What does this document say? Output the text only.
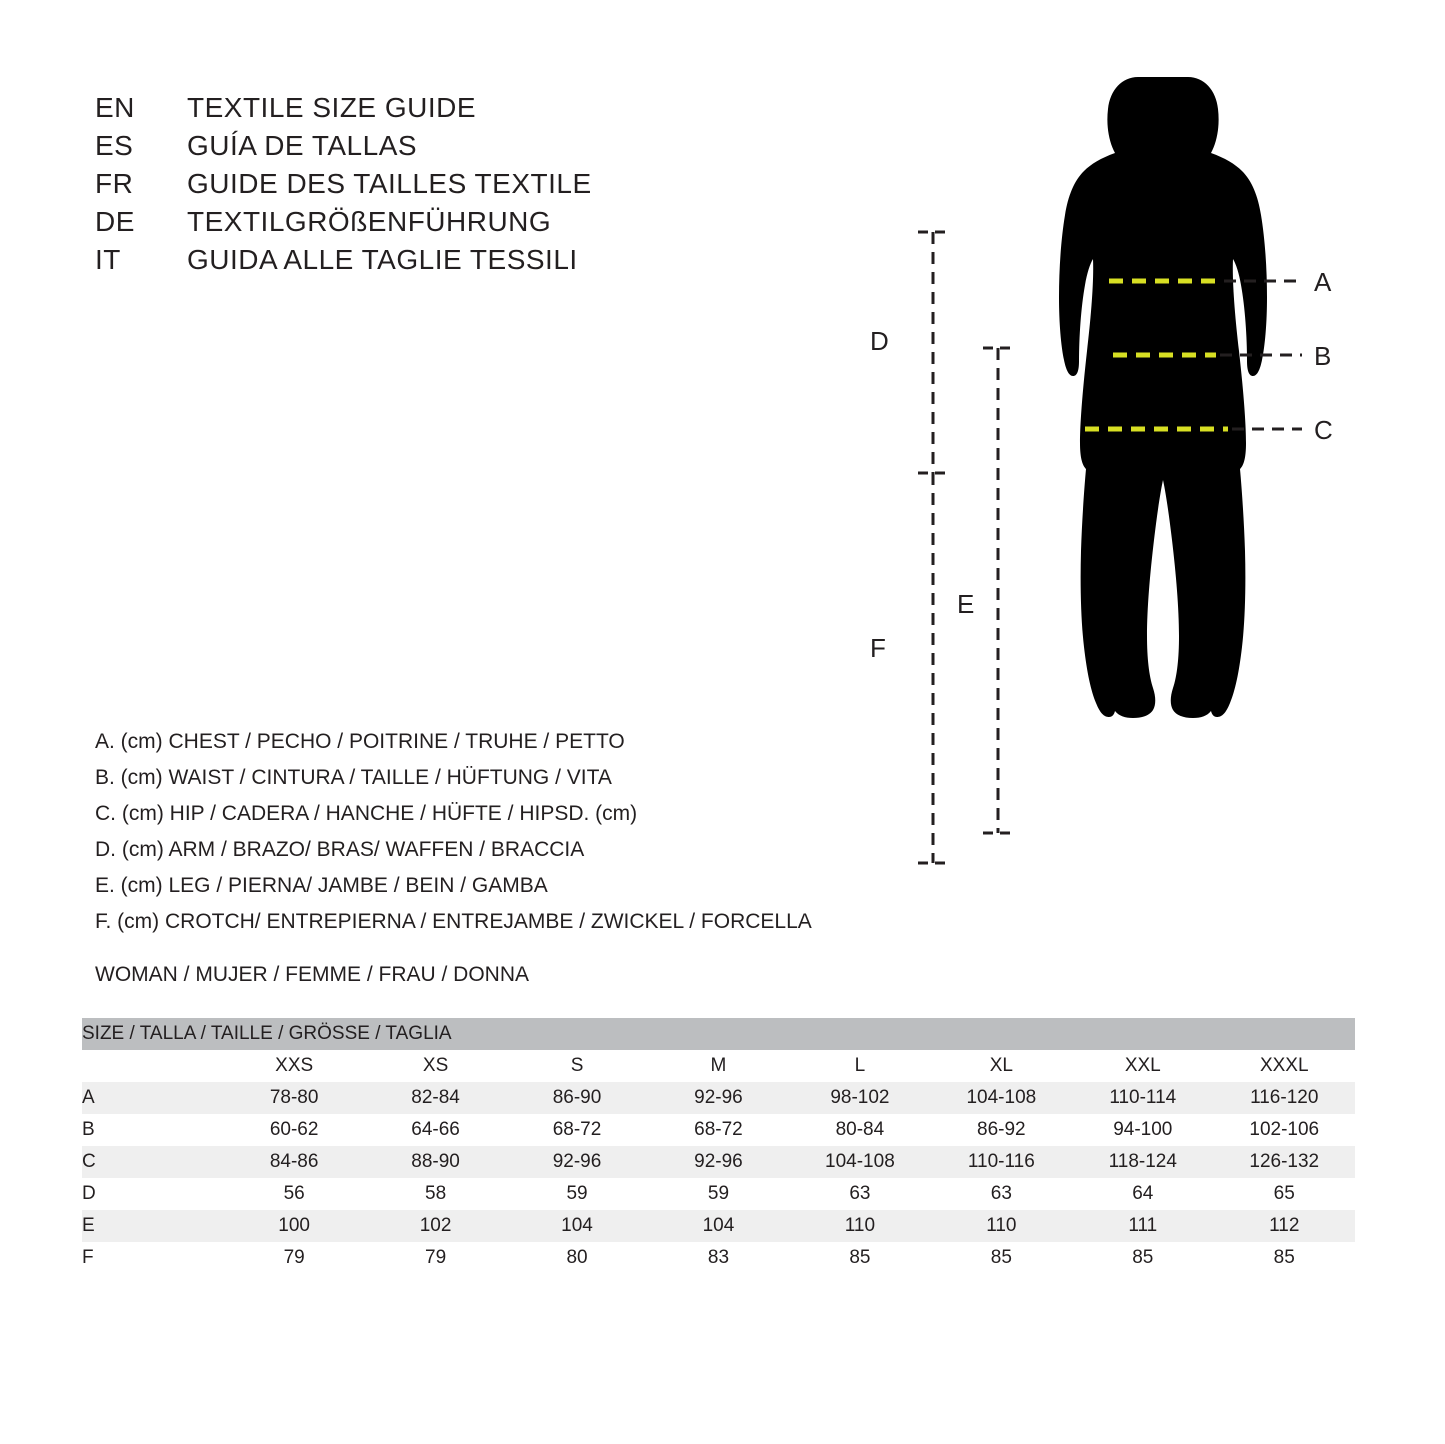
EN	TEXTILE SIZE GUIDE
ES	GUÍA DE TALLAS
FR	GUIDE DES TAILLES TEXTILE
DE	TEXTILGRÖßENFÜHRUNG
IT	GUIDA ALLE TAGLIE TESSILI
A. (cm) CHEST / PECHO / POITRINE / TRUHE / PETTO
B. (cm) WAIST / CINTURA / TAILLE / HÜFTUNG / VITA
C. (cm) HIP / CADERA / HANCHE / HÜFTE / HIPSD. (cm)
D. (cm) ARM / BRAZO/ BRAS/ WAFFEN / BRACCIA
E. (cm) LEG / PIERNA/ JAMBE / BEIN / GAMBA
F. (cm) CROTCH/ ENTREPIERNA / ENTREJAMBE / ZWICKEL / FORCELLA
WOMAN / MUJER / FEMME / FRAU / DONNA
SIZE / TALLA / TAILLE / GRÖSSE / TAGLIA								
	XXS	XS	S	M	L	XL	XXL	XXXL
A	78-80	82-84	86-90	92-96	98-102	104-108	110-114	116-120
B	60-62	64-66	68-72	68-72	80-84	86-92	94-100	102-106
C	84-86	88-90	92-96	92-96	104-108	110-116	118-124	126-132
D	56	58	59	59	63	63	64	65
E	100	102	104	104	110	110	111	112
F	79	79	80	83	85	85	85	85
A
B
C
D
E
F
